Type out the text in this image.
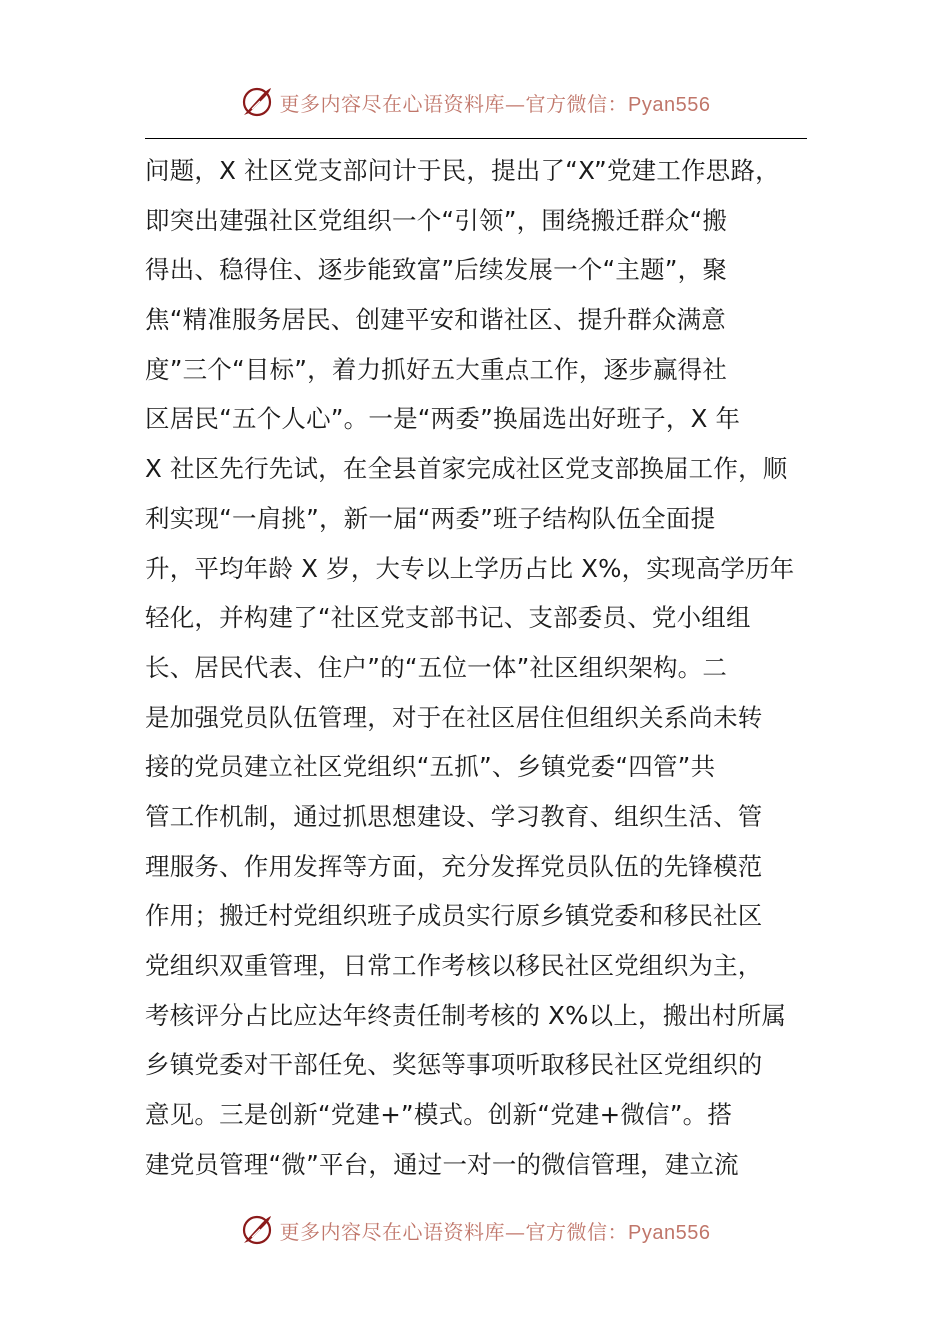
更多内容尽在心语资料库—官方微信：Pyan556
问题，X 社区党支部问计于民，提出了“X”党建工作思路，
即突出建强社区党组织一个“引领”，围绕搬迁群众“搬
得出、稳得住、逐步能致富”后续发展一个“主题”，聚
焦“精准服务居民、创建平安和谐社区、提升群众满意
度”三个“目标”，着力抓好五大重点工作，逐步赢得社
区居民“五个人心”。一是“两委”换届选出好班子，X 年
X 社区先行先试，在全县首家完成社区党支部换届工作，顺
利实现“一肩挑”，新一届“两委”班子结构队伍全面提
升，平均年龄 X 岁，大专以上学历占比 X%，实现高学历年
轻化，并构建了“社区党支部书记、支部委员、党小组组
长、居民代表、住户”的“五位一体”社区组织架构。二
是加强党员队伍管理，对于在社区居住但组织关系尚未转
接的党员建立社区党组织“五抓”、乡镇党委“四管”共
管工作机制，通过抓思想建设、学习教育、组织生活、管
理服务、作用发挥等方面，充分发挥党员队伍的先锋模范
作用；搬迁村党组织班子成员实行原乡镇党委和移民社区
党组织双重管理，日常工作考核以移民社区党组织为主，
考核评分占比应达年终责任制考核的 X%以上，搬出村所属
乡镇党委对干部任免、奖惩等事项听取移民社区党组织的
意见。三是创新“党建+”模式。创新“党建+微信”。搭
建党员管理“微”平台，通过一对一的微信管理，建立流
更多内容尽在心语资料库—官方微信：Pyan556
